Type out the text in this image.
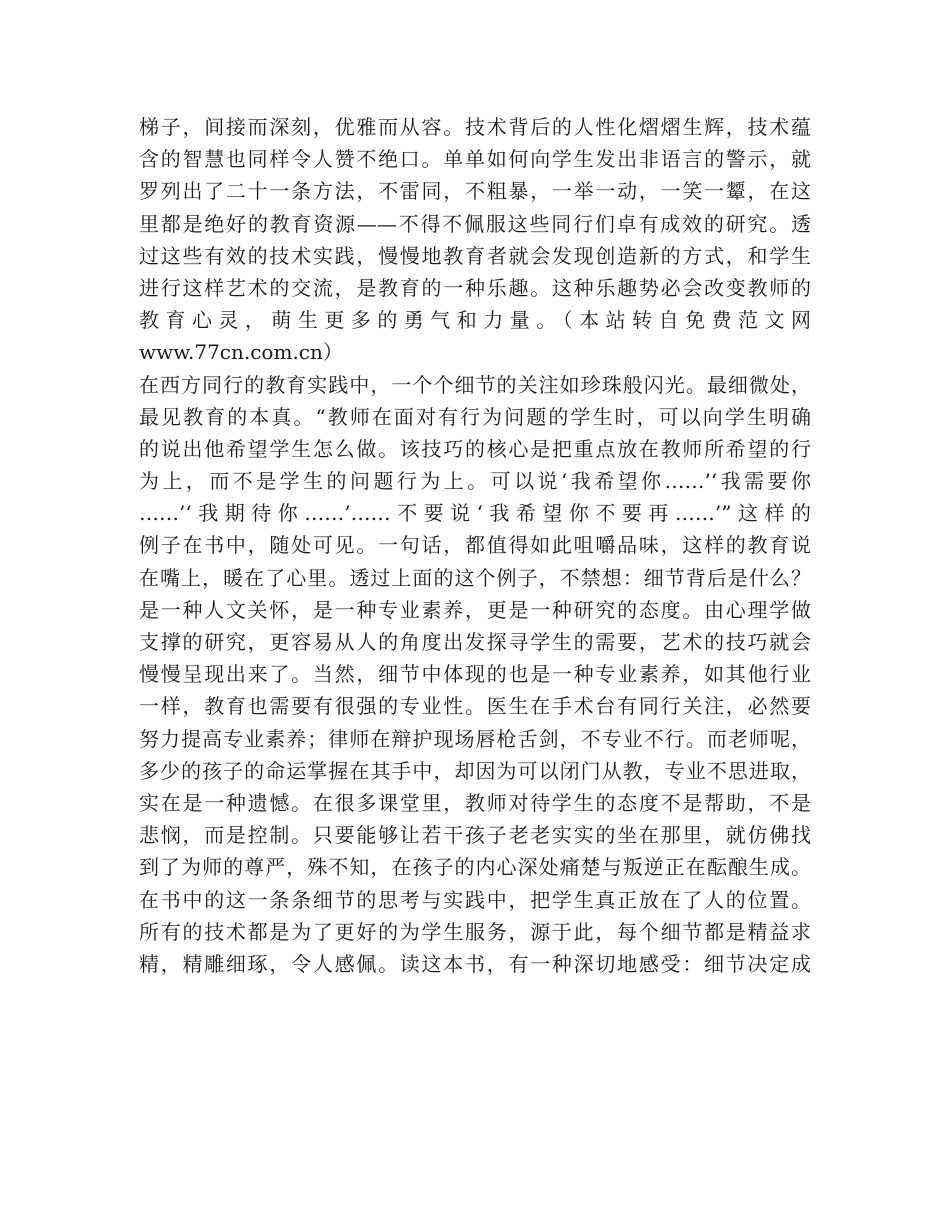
梯子，间接而深刻，优雅而从容。技术背后的人性化熠熠生辉，技术蕴
含的智慧也同样令人赞不绝口。单单如何向学生发出非语言的警示，就
罗列出了二十一条方法，不雷同，不粗暴，一举一动，一笑一颦，在这
里都是绝好的教育资源——不得不佩服这些同行们卓有成效的研究。透
过这些有效的技术实践，慢慢地教育者就会发现创造新的方式，和学生
进行这样艺术的交流，是教育的一种乐趣。这种乐趣势必会改变教师的
教育心灵，萌生更多的勇气和力量。（本站转自免费范文网
www.77cn.com.cn）
在西方同行的教育实践中，一个个细节的关注如珍珠般闪光。最细微处，
最见教育的本真。“教师在面对有行为问题的学生时，可以向学生明确
的说出他希望学生怎么做。该技巧的核心是把重点放在教师所希望的行
为上，而不是学生的问题行为上。可以说‘我希望你……’‘我需要你
……’‘我期待你……’……不要说‘我希望你不要再……’”这样的
例子在书中，随处可见。一句话，都值得如此咀嚼品味，这样的教育说
在嘴上，暖在了心里。透过上面的这个例子，不禁想：细节背后是什么？
是一种人文关怀，是一种专业素养，更是一种研究的态度。由心理学做
支撑的研究，更容易从人的角度出发探寻学生的需要，艺术的技巧就会
慢慢呈现出来了。当然，细节中体现的也是一种专业素养，如其他行业
一样，教育也需要有很强的专业性。医生在手术台有同行关注，必然要
努力提高专业素养；律师在辩护现场唇枪舌剑，不专业不行。而老师呢，
多少的孩子的命运掌握在其手中，却因为可以闭门从教，专业不思进取，
实在是一种遗憾。在很多课堂里，教师对待学生的态度不是帮助，不是
悲悯，而是控制。只要能够让若干孩子老老实实的坐在那里，就仿佛找
到了为师的尊严，殊不知，在孩子的内心深处痛楚与叛逆正在酝酿生成。
在书中的这一条条细节的思考与实践中，把学生真正放在了人的位置。
所有的技术都是为了更好的为学生服务，源于此，每个细节都是精益求
精，精雕细琢，令人感佩。读这本书，有一种深切地感受：细节决定成
